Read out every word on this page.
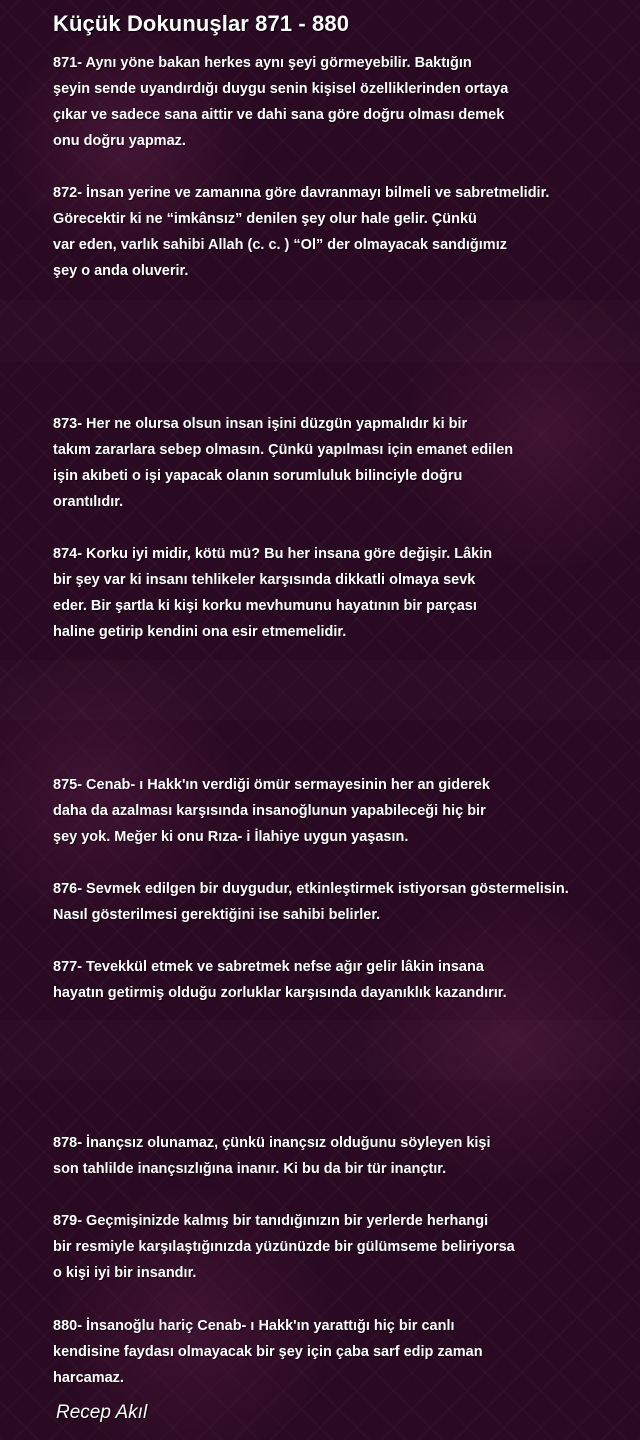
Küçük Dokunuşlar 871 - 880

871- Aynı yöne bakan herkes aynı şeyi görmeyebilir. Baktığın
şeyin sende uyandırdığı duygu senin kişisel özelliklerinden ortaya
çıkar ve sadece sana aittir ve dahi sana göre doğru olması demek
onu doğru yapmaz.

872- İnsan yerine ve zamanına göre davranmayı bilmeli ve sabretmelidir.
Görecektir ki ne “imkânsız” denilen şey olur hale gelir. Çünkü
var eden, varlık sahibi Allah (c. c. ) “Ol” der olmayacak sandığımız
şey o anda oluverir.

873- Her ne olursa olsun insan işini düzgün yapmalıdır ki bir
takım zararlara sebep olmasın. Çünkü yapılması için emanet edilen
işin akıbeti o işi yapacak olanın sorumluluk bilinciyle doğru
orantılıdır.

874- Korku iyi midir, kötü mü? Bu her insana göre değişir. Lâkin
bir şey var ki insanı tehlikeler karşısında dikkatli olmaya sevk
eder. Bir şartla ki kişi korku mevhumunu hayatının bir parçası
haline getirip kendini ona esir etmemelidir.

875- Cenab- ı Hakk'ın verdiği ömür sermayesinin her an giderek
daha da azalması karşısında insanoğlunun yapabileceği hiç bir
şey yok. Meğer ki onu Rıza- i İlahiye uygun yaşasın.

876- Sevmek edilgen bir duygudur, etkinleştirmek istiyorsan göstermelisin.
Nasıl gösterilmesi gerektiğini ise sahibi belirler.

877- Tevekkül etmek ve sabretmek nefse ağır gelir lâkin insana
hayatın getirmiş olduğu zorluklar karşısında dayanıklık kazandırır.

878- İnançsız olunamaz, çünkü inançsız olduğunu söyleyen kişi
son tahlilde inançsızlığına inanır. Ki bu da bir tür inançtır.

879- Geçmişinizde kalmış bir tanıdığınızın bir yerlerde herhangi
bir resmiyle karşılaştığınızda yüzünüzde bir gülümseme beliriyorsa
o kişi iyi bir insandır.

880- İnsanoğlu hariç Cenab- ı Hakk'ın yarattığı hiç bir canlı
kendisine faydası olmayacak bir şey için çaba sarf edip zaman
harcamaz.

Recep Akıl
